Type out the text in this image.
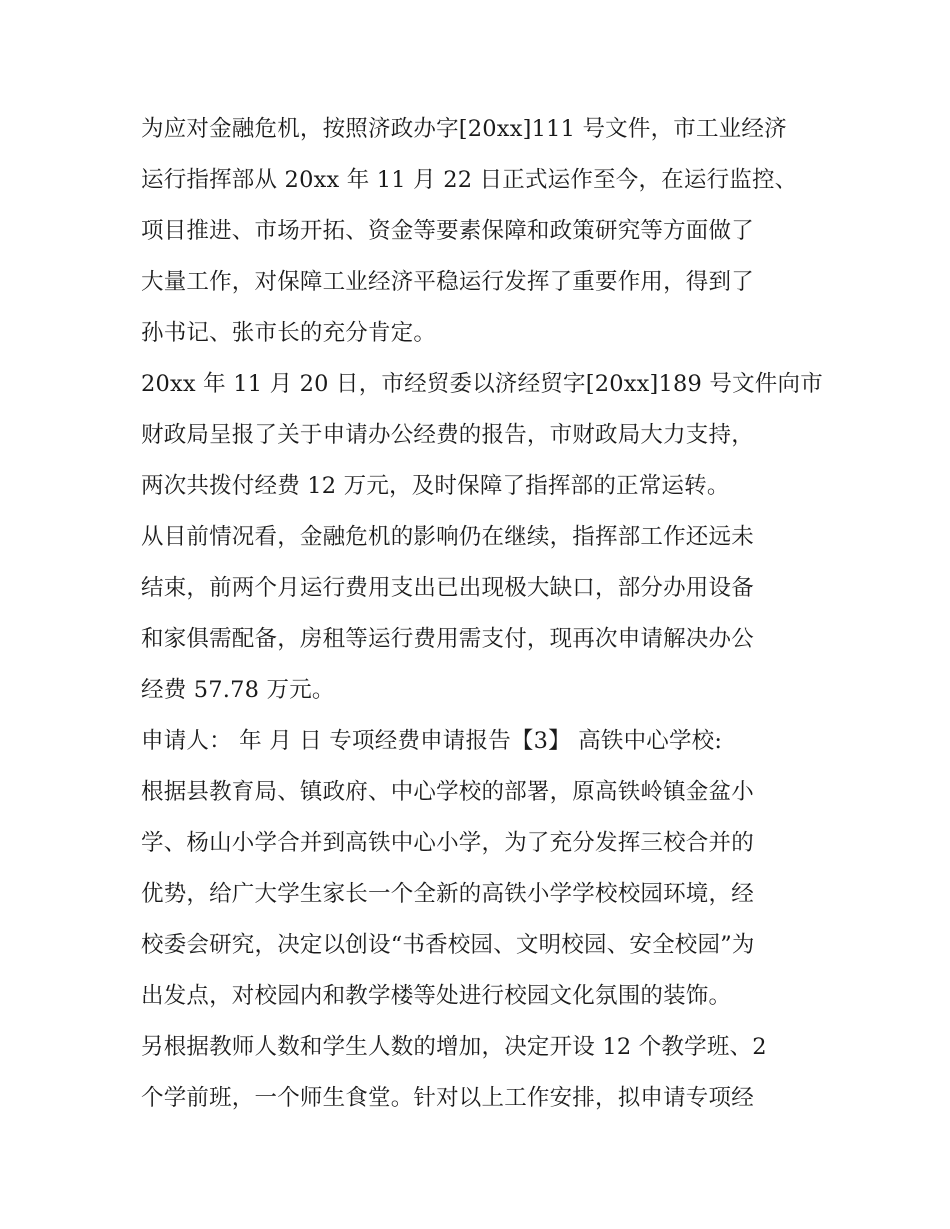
为应对金融危机，按照济政办字[20xx]111 号文件，市工业经济
运行指挥部从 20xx 年 11 月 22 日正式运作至今，在运行监控、
项目推进、市场开拓、资金等要素保障和政策研究等方面做了
大量工作，对保障工业经济平稳运行发挥了重要作用，得到了
孙书记、张市长的充分肯定。
20xx 年 11 月 20 日，市经贸委以济经贸字[20xx]189 号文件向市
财政局呈报了关于申请办公经费的报告，市财政局大力支持，
两次共拨付经费 12 万元，及时保障了指挥部的正常运转。
从目前情况看，金融危机的影响仍在继续，指挥部工作还远未
结束，前两个月运行费用支出已出现极大缺口，部分办用设备
和家俱需配备，房租等运行费用需支付，现再次申请解决办公
经费 57.78 万元。
申请人： 年 月 日 专项经费申请报告【3】 高铁中心学校:
根据县教育局、镇政府、中心学校的部署，原高铁岭镇金盆小
学、杨山小学合并到高铁中心小学，为了充分发挥三校合并的
优势，给广大学生家长一个全新的高铁小学学校校园环境，经
校委会研究，决定以创设“书香校园、文明校园、安全校园”为
出发点，对校园内和教学楼等处进行校园文化氛围的装饰。
另根据教师人数和学生人数的增加，决定开设 12 个教学班、2
个学前班，一个师生食堂。针对以上工作安排，拟申请专项经
